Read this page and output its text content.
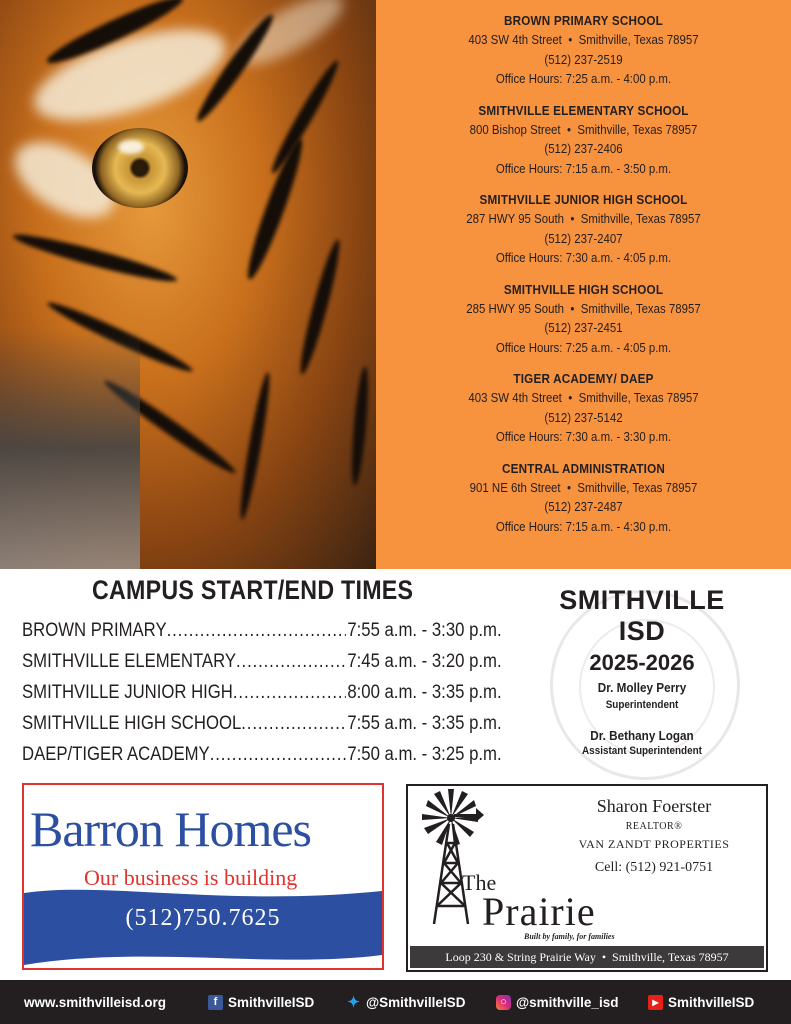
BROWN PRIMARY SCHOOL
403 SW 4th Street • Smithville, Texas 78957
(512) 237-2519
Office Hours: 7:25 a.m. - 4:00 p.m.
SMITHVILLE ELEMENTARY SCHOOL
800 Bishop Street • Smithville, Texas 78957
(512) 237-2406
Office Hours: 7:15 a.m. - 3:50 p.m.
SMITHVILLE JUNIOR HIGH SCHOOL
287 HWY 95 South • Smithville, Texas 78957
(512) 237-2407
Office Hours: 7:30 a.m. - 4:05 p.m.
SMITHVILLE HIGH SCHOOL
285 HWY 95 South • Smithville, Texas 78957
(512) 237-2451
Office Hours: 7:25 a.m. - 4:05 p.m.
TIGER ACADEMY/ DAEP
403 SW 4th Street • Smithville, Texas 78957
(512) 237-5142
Office Hours: 7:30 a.m. - 3:30 p.m.
CENTRAL ADMINISTRATION
901 NE 6th Street • Smithville, Texas 78957
(512) 237-2487
Office Hours: 7:15 a.m. - 4:30 p.m.
CAMPUS START/END TIMES
BROWN PRIMARY .....	7:55 a.m. - 3:30 p.m.
SMITHVILLE ELEMENTARY .....	7:45 a.m. - 3:20 p.m.
SMITHVILLE JUNIOR HIGH .....	8:00 a.m. - 3:35 p.m.
SMITHVILLE HIGH SCHOOL .....	7:55 a.m. - 3:35 p.m.
DAEP/TIGER ACADEMY .....	7:50 a.m. - 3:25 p.m.
SMITHVILLE
ISD
2025-2026
Dr. Molley Perry
Superintendent
Dr. Bethany Logan
Assistant Superintendent
Barron Homes
Our business is building
(512)750.7625
Sharon Foerster
REALTOR®
VAN ZANDT PROPERTIES
Cell: (512) 921-0751
The
Prairie
Built by family, for families
Loop 230 & String Prairie Way • Smithville, Texas 78957
www.smithvilleisd.org	f SmithvilleISD ✦ @SmithvilleISD	○ @smithville_isd	▶ SmithvilleISD
